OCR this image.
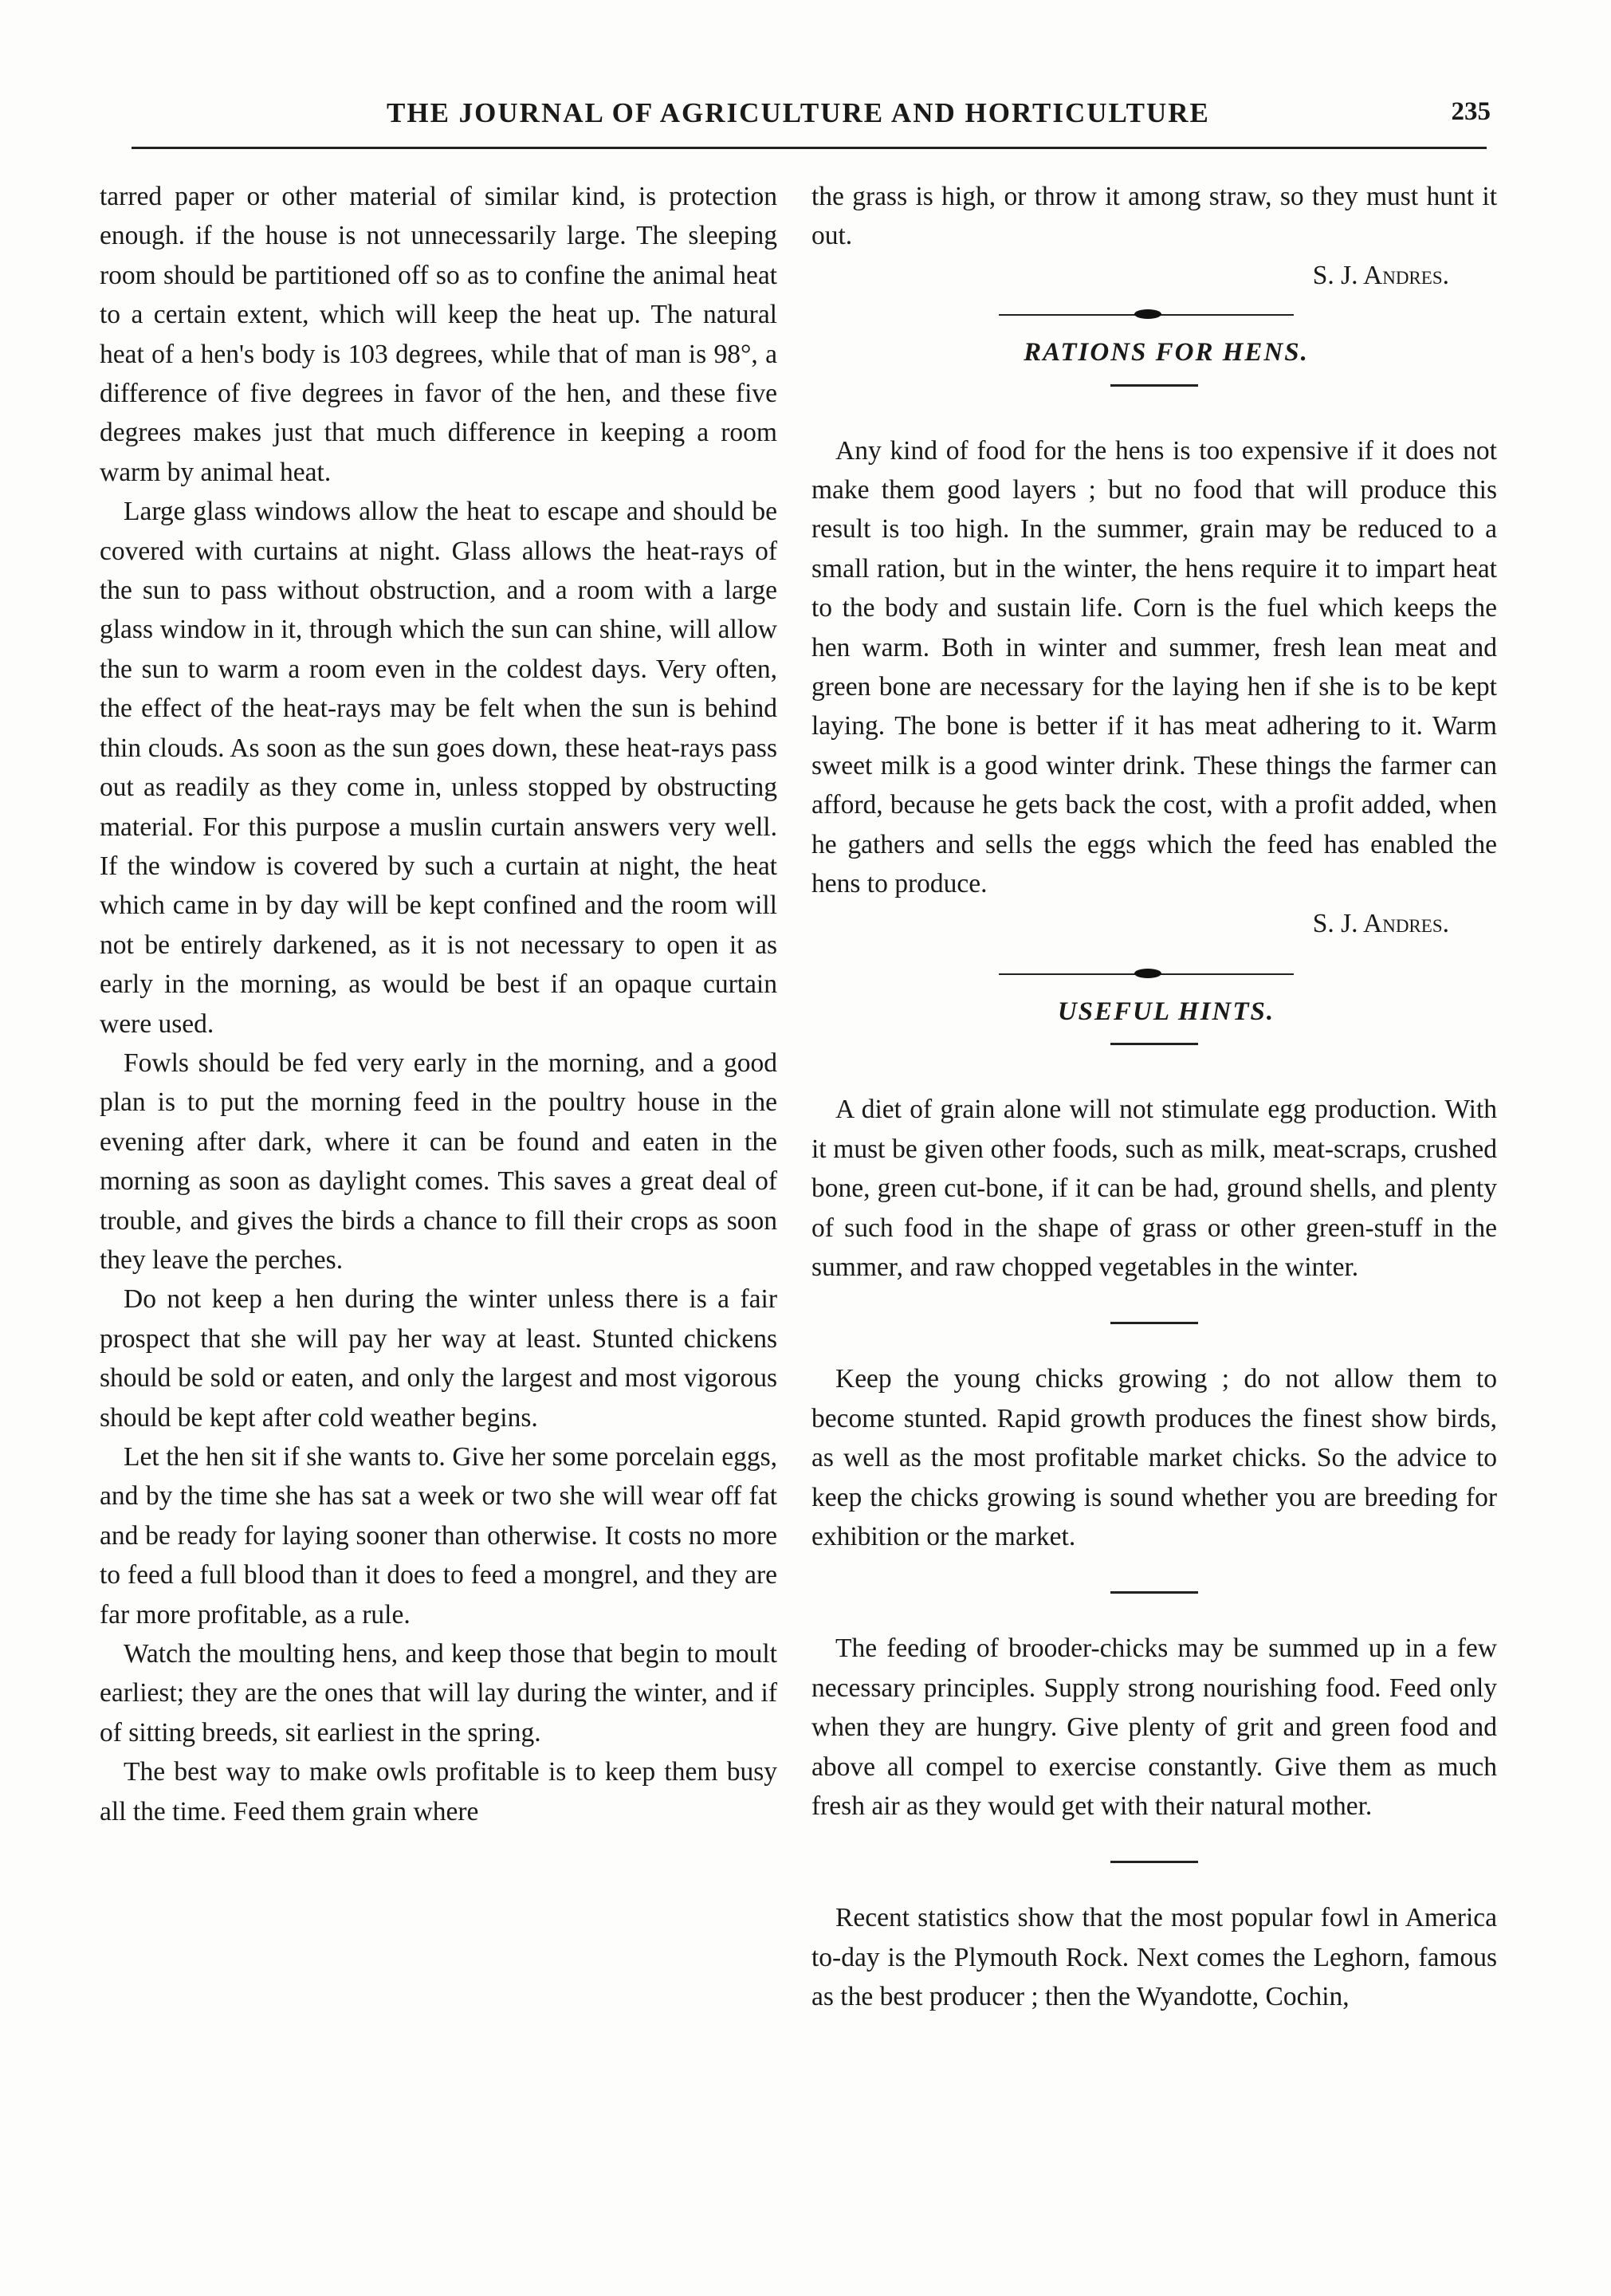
THE JOURNAL OF AGRICULTURE AND HORTICULTURE	235

tarred paper or other material of similar kind, is protection enough. if the house is not unnecessarily large. The sleeping room should be partitioned off so as to confine the animal heat to a certain extent, which will keep the heat up. The natural heat of a hen's body is 103 degrees, while that of man is 98°, a difference of five degrees in favor of the hen, and these five degrees makes just that much difference in keeping a room warm by animal heat.

Large glass windows allow the heat to escape and should be covered with curtains at night. Glass allows the heat-rays of the sun to pass without obstruction, and a room with a large glass window in it, through which the sun can shine, will allow the sun to warm a room even in the coldest days. Very often, the effect of the heat-rays may be felt when the sun is behind thin clouds. As soon as the sun goes down, these heat-rays pass out as readily as they come in, unless stopped by obstructing material. For this purpose a muslin curtain answers very well. If the window is covered by such a curtain at night, the heat which came in by day will be kept confined and the room will not be entirely darkened, as it is not necessary to open it as early in the morning, as would be best if an opaque curtain were used.

Fowls should be fed very early in the morning, and a good plan is to put the morning feed in the poultry house in the evening after dark, where it can be found and eaten in the morning as soon as daylight comes. This saves a great deal of trouble, and gives the birds a chance to fill their crops as soon they leave the perches.

Do not keep a hen during the winter unless there is a fair prospect that she will pay her way at least. Stunted chickens should be sold or eaten, and only the largest and most vigorous should be kept after cold weather begins.

Let the hen sit if she wants to. Give her some porcelain eggs, and by the time she has sat a week or two she will wear off fat and be ready for laying sooner than otherwise. It costs no more to feed a full blood than it does to feed a mongrel, and they are far more profitable, as a rule.

Watch the moulting hens, and keep those that begin to moult earliest; they are the ones that will lay during the winter, and if of sitting breeds, sit earliest in the spring.

The best way to make owls profitable is to keep them busy all the time. Feed them grain where

the grass is high, or throw it among straw, so they must hunt it out.
S. J. Andres.

RATIONS FOR HENS.

Any kind of food for the hens is too expensive if it does not make them good layers ; but no food that will produce this result is too high. In the summer, grain may be reduced to a small ration, but in the winter, the hens require it to impart heat to the body and sustain life. Corn is the fuel which keeps the hen warm. Both in winter and summer, fresh lean meat and green bone are necessary for the laying hen if she is to be kept laying. The bone is better if it has meat adhering to it. Warm sweet milk is a good winter drink. These things the farmer can afford, because he gets back the cost, with a profit added, when he gathers and sells the eggs which the feed has enabled the hens to produce.
S. J. Andres.

USEFUL HINTS.

A diet of grain alone will not stimulate egg production. With it must be given other foods, such as milk, meat-scraps, crushed bone, green cut-bone, if it can be had, ground shells, and plenty of such food in the shape of grass or other green-stuff in the summer, and raw chopped vegetables in the winter.

Keep the young chicks growing ; do not allow them to become stunted. Rapid growth produces the finest show birds, as well as the most profitable market chicks. So the advice to keep the chicks growing is sound whether you are breeding for exhibition or the market.

The feeding of brooder-chicks may be summed up in a few necessary principles. Supply strong nourishing food. Feed only when they are hungry. Give plenty of grit and green food and above all compel to exercise constantly. Give them as much fresh air as they would get with their natural mother.

Recent statistics show that the most popular fowl in America to-day is the Plymouth Rock. Next comes the Leghorn, famous as the best producer ; then the Wyandotte, Cochin,
